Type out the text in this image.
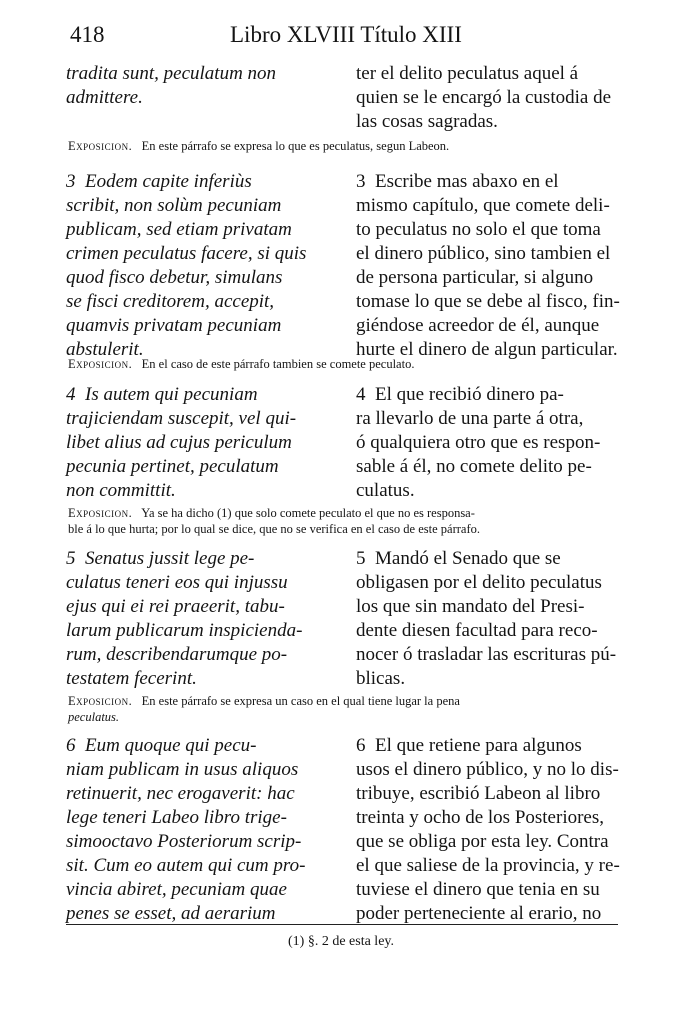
418	Libro XLVIII Título XIII
tradita sunt, peculatum non
admittere.
ter el delito peculatus aquel á
quien se le encargó la custodia de
las cosas sagradas.
Exposicion.   En este párrafo se expresa lo que es peculatus, segun Labeon.
3  Eodem capite inferiùs
scribit, non solùm pecuniam
publicam, sed etiam privatam
crimen peculatus facere, si quis
quod fisco debetur, simulans
se fisci creditorem, accepit,
quamvis privatam pecuniam
abstulerit.
3  Escribe mas abaxo en el
mismo capítulo, que comete deli-
to peculatus no solo el que toma
el dinero público, sino tambien el
de persona particular, si alguno
tomase lo que se debe al fisco, fin-
giéndose acreedor de él, aunque
hurte el dinero de algun particular.
Exposicion.   En el caso de este párrafo tambien se comete peculato.
4  Is autem qui pecuniam
trajiciendam suscepit, vel qui-
libet alius ad cujus periculum
pecunia pertinet, peculatum
non committit.
4  El que recibió dinero pa-
ra llevarlo de una parte á otra,
ó qualquiera otro que es respon-
sable á él, no comete delito pe-
culatus.
Exposicion.   Ya se ha dicho (1) que solo comete peculato el que no es responsa-
ble á lo que hurta; por lo qual se dice, que no se verifica en el caso de este párrafo.
5  Senatus jussit lege pe-
culatus teneri eos qui injussu
ejus qui ei rei praeerit, tabu-
larum publicarum inspicienda-
rum, describendarumque po-
testatem fecerint.
5  Mandó el Senado que se
obligasen por el delito peculatus
los que sin mandato del Presi-
dente diesen facultad para reco-
nocer ó trasladar las escrituras pú-
blicas.
Exposicion.   En este párrafo se expresa un caso en el qual tiene lugar la pena
peculatus.
6  Eum quoque qui pecu-
niam publicam in usus aliquos
retinuerit, nec erogaverit: hac
lege teneri Labeo libro trige-
simooctavo Posteriorum scrip-
sit. Cum eo autem qui cum pro-
vincia abiret, pecuniam quae
penes se esset, ad aerarium
6  El que retiene para algunos
usos el dinero público, y no lo dis-
tribuye, escribió Labeon al libro
treinta y ocho de los Posteriores,
que se obliga por esta ley. Contra
el que saliese de la provincia, y re-
tuviese el dinero que tenia en su
poder perteneciente al erario, no
(1) §. 2 de esta ley.
